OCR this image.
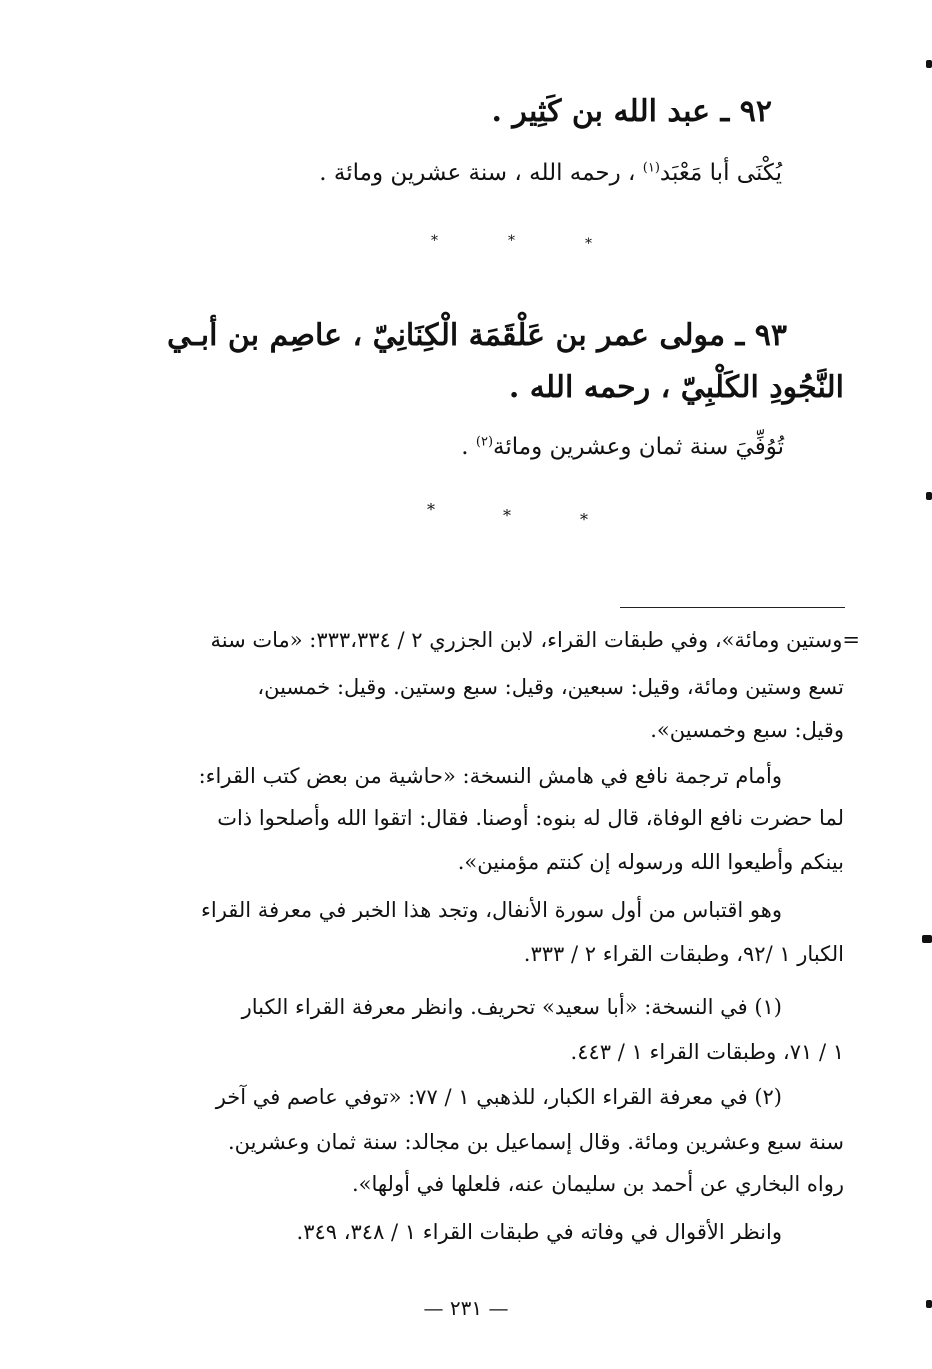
٩٢ ـ عبد الله بن كَثِير .
يُكْنَى أبا مَعْبَد$^{(١)}$ ، رحمه الله ، سنة عشرين ومائة .
*	*	*
٩٣ ـ مولى عمر بن عَلْقَمَة الْكِنَانِيّ ، عاصِم بن أبـي
النَّجُودِ الكَلْبِيّ ، رحمه الله .
تُوُفِّيَ سنة ثمان وعشرين ومائة$^{(٢)}$ .
*	*	*
=وستين ومائة»، وفي طبقات القراء، لابن الجزري ٢ / ٣٣٣،٣٣٤: «مات سنة
تسع وستين ومائة، وقيل: سبعين، وقيل: سبع وستين. وقيل: خمسين،
وقيل: سبع وخمسين».
وأمام ترجمة نافع في هامش النسخة: «حاشية من بعض كتب القراء:
لما حضرت نافع الوفاة، قال له بنوه: أوصنا. فقال: اتقوا الله وأصلحوا ذات
بينكم وأطيعوا الله ورسوله إن كنتم مؤمنين».
وهو اقتباس من أول سورة الأنفال، وتجد هذا الخبر في معرفة القراء
الكبار ١ /٩٢، وطبقات القراء ٢ / ٣٣٣.
(١) في النسخة: «أبا سعيد» تحريف. وانظر معرفة القراء الكبار
١ / ٧١، وطبقات القراء ١ / ٤٤٣.
(٢) في معرفة القراء الكبار، للذهبي ١ / ٧٧: «توفي عاصم في آخر
سنة سبع وعشرين ومائة. وقال إسماعيل بن مجالد: سنة ثمان وعشرين.
رواه البخاري عن أحمد بن سليمان عنه، فلعلها في أولها».
وانظر الأقوال في وفاته في طبقات القراء ١ / ٣٤٨، ٣٤٩.
— ٢٣١ —
